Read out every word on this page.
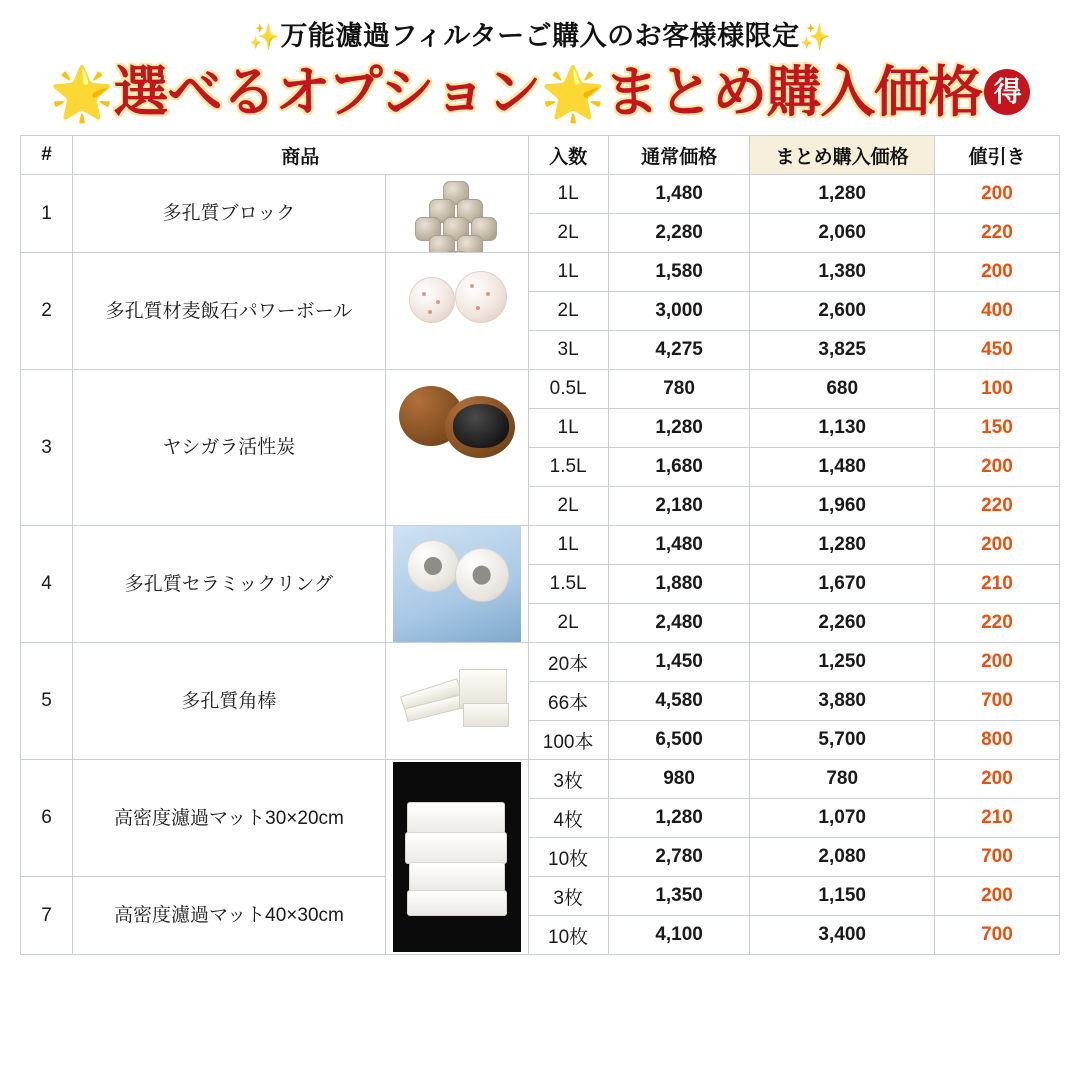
✨万能濾過フィルターご購入のお客様様限定✨
🌟選べるオプション🌟まとめ購入価格 得
#	商品		入数	通常価格	まとめ購入価格	値引き
1	多孔質ブロック		1L	1,480	1,280	200
			2L	2,280	2,060	220
2	多孔質材麦飯石パワーボール		1L	1,580	1,380	200
			2L	3,000	2,600	400
			3L	4,275	3,825	450
3	ヤシガラ活性炭		0.5L	780	680	100
			1L	1,280	1,130	150
			1.5L	1,680	1,480	200
			2L	2,180	1,960	220
4	多孔質セラミックリング		1L	1,480	1,280	200
			1.5L	1,880	1,670	210
			2L	2,480	2,260	220
5	多孔質角棒		20本	1,450	1,250	200
			66本	4,580	3,880	700
			100本	6,500	5,700	800
6	高密度濾過マット30×20cm		3枚	980	780	200
			4枚	1,280	1,070	210
			10枚	2,780	2,080	700
7	高密度濾過マット40×30cm		3枚	1,350	1,150	200
			10枚	4,100	3,400	700
